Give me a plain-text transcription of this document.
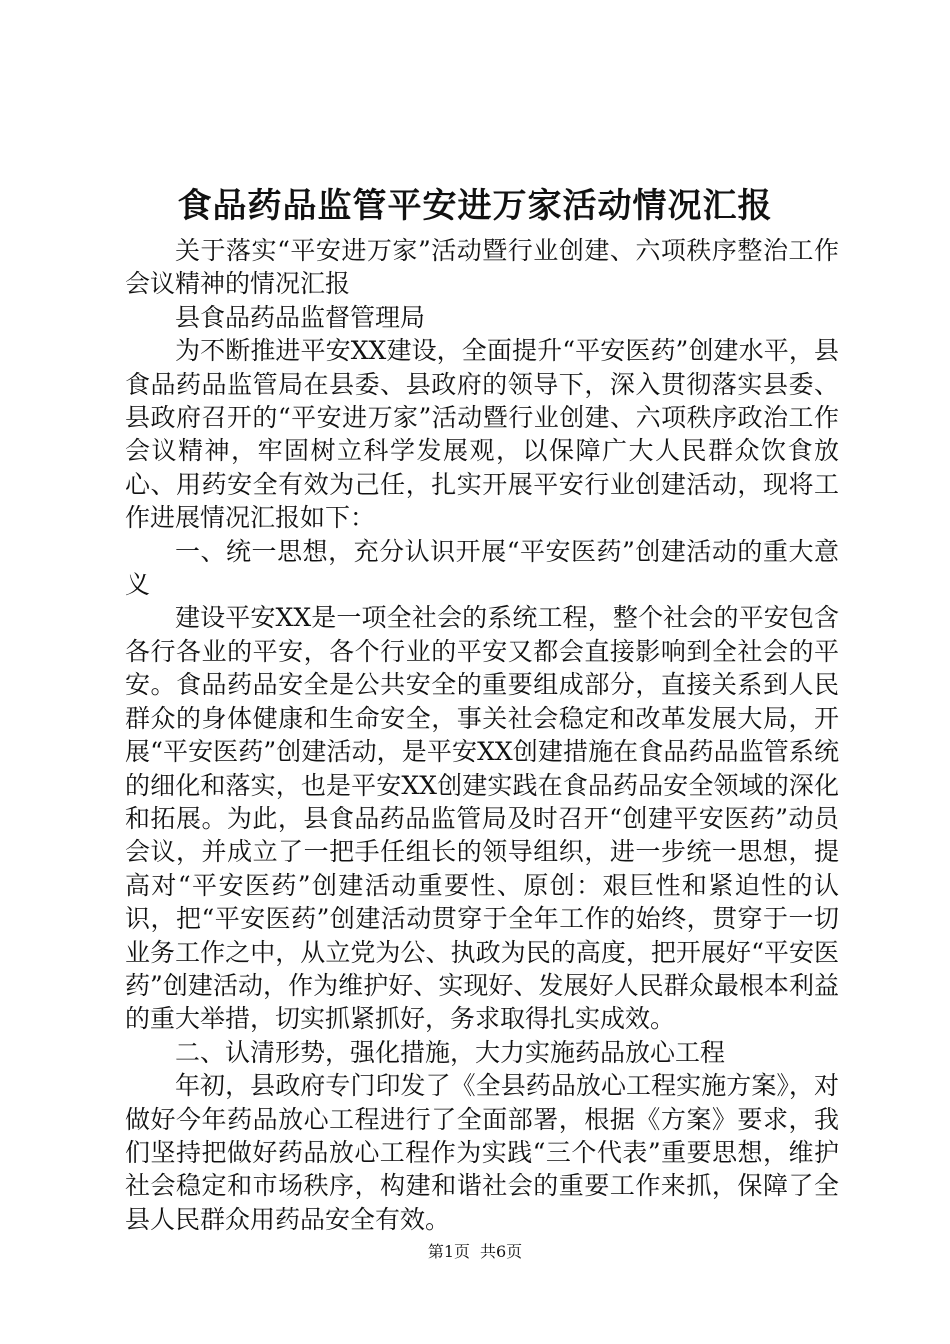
食品药品监管平安进万家活动情况汇报

关于落实“平安进万家”活动暨行业创建、六项秩序整治工作会议精神的情况汇报

县食品药品监督管理局

为不断推进平安XX建设，全面提升“平安医药”创建水平，县食品药品监管局在县委、县政府的领导下，深入贯彻落实县委、县政府召开的“平安进万家”活动暨行业创建、六项秩序政治工作会议精神，牢固树立科学发展观，以保障广大人民群众饮食放心、用药安全有效为己任，扎实开展平安行业创建活动，现将工作进展情况汇报如下：

一、统一思想，充分认识开展“平安医药”创建活动的重大意义

建设平安XX是一项全社会的系统工程，整个社会的平安包含各行各业的平安，各个行业的平安又都会直接影响到全社会的平安。食品药品安全是公共安全的重要组成部分，直接关系到人民群众的身体健康和生命安全，事关社会稳定和改革发展大局，开展“平安医药”创建活动，是平安XX创建措施在食品药品监管系统的细化和落实，也是平安XX创建实践在食品药品安全领域的深化和拓展。为此，县食品药品监管局及时召开“创建平安医药”动员会议，并成立了一把手任组长的领导组织，进一步统一思想，提高对“平安医药”创建活动重要性、原创：艰巨性和紧迫性的认识，把“平安医药”创建活动贯穿于全年工作的始终，贯穿于一切业务工作之中，从立党为公、执政为民的高度，把开展好“平安医药”创建活动，作为维护好、实现好、发展好人民群众最根本利益的重大举措，切实抓紧抓好，务求取得扎实成效。

二、认清形势，强化措施，大力实施药品放心工程

年初，县政府专门印发了《全县药品放心工程实施方案》，对做好今年药品放心工程进行了全面部署，根据《方案》要求，我们坚持把做好药品放心工程作为实践“三个代表”重要思想，维护社会稳定和市场秩序，构建和谐社会的重要工作来抓，保障了全县人民群众用药品安全有效。

第1页 共6页
